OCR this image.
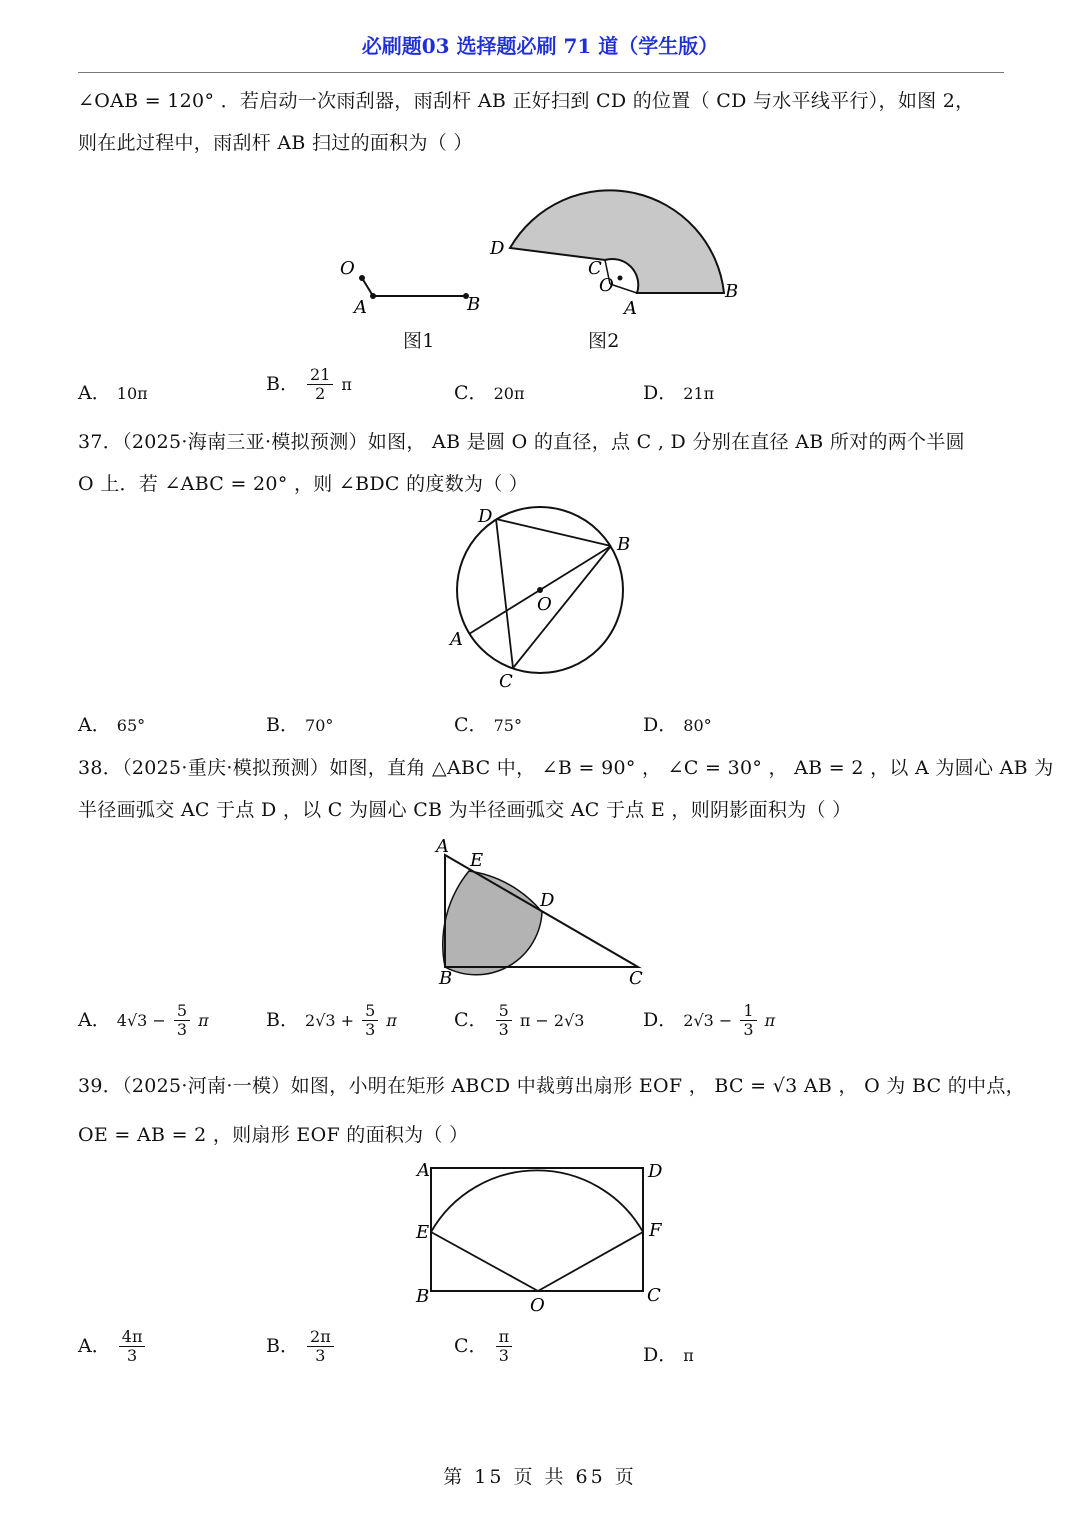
必刷题03 选择题必刷 71 道（学生版）
∠OAB = 120° ．若启动一次雨刮器，雨刮杆 AB 正好扫到 CD 的位置（ CD 与水平线平行），如图 2，
则在此过程中，雨刮杆 AB 扫过的面积为（ ）
O
A	B
图1
D
C
O
A
B
图2
A． 10π	B． $\frac{21}{2}$ π	C． 20π	D． 21π
37．（2025·海南三亚·模拟预测）如图， AB 是圆 O 的直径，点 C , D 分别在直径 AB 所对的两个半圆
O 上．若 ∠ABC = 20° ，则 ∠BDC 的度数为（ ）
D
B
O
A
C
A． 65°	B． 70°	C． 75°	D． 80°
38．（2025·重庆·模拟预测）如图，直角 △ABC 中， ∠B = 90° ， ∠C = 30° ， AB = 2 ，以 A 为圆心 AB 为
半径画弧交 AC 于点 D ，以 C 为圆心 CB 为半径画弧交 AC 于点 E ，则阴影面积为（ ）
A
E
D
B	C
A． $4√3 - \frac{5}{3}$ π	B． $2√3 + \frac{5}{3}$ π	C． $\frac{5}{3}$ π − 2√3	D． $2√3 - \frac{1}{3}$ π
39．（2025·河南·一模）如图，小明在矩形 ABCD 中裁剪出扇形 EOF ， BC = √3 AB ， O 为 BC 的中点，
OE = AB = 2 ，则扇形 EOF 的面积为（ ）
A	D
E	F
B	O	C
A． $\frac{4\pi}{3}$	B． $\frac{2\pi}{3}$	C． $\frac{\pi}{3}$	D． π
第 15 页 共 65 页
